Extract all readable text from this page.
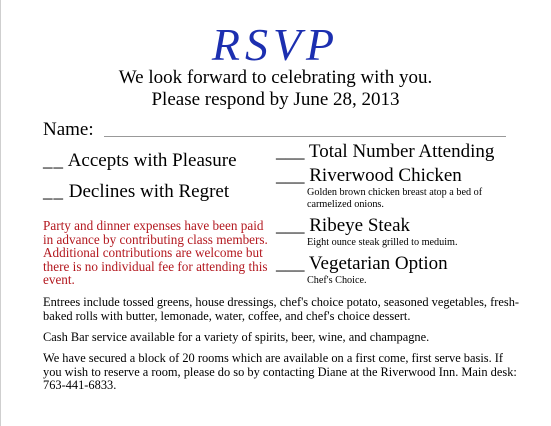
RSVP
We look forward to celebrating with you.
Please respond by June 28, 2013
Name:
__ Accepts with Pleasure
__ Declines with Regret
Party and dinner expenses have been paid in advance by contributing class members. Additional contributions are welcome but there is no individual fee for attending this event.
___ Total Number Attending
___ Riverwood Chicken
Golden brown chicken breast atop a bed of carmelized onions.
___ Ribeye Steak
Eight ounce steak grilled to meduim.
___ Vegetarian Option
Chef's Choice.
Entrees include tossed greens, house dressings, chef's choice potato, seasoned vegetables, fresh-baked rolls with butter, lemonade, water, coffee, and chef's choice dessert.
Cash Bar service available for a variety of spirits, beer, wine, and champagne.
We have secured a block of 20 rooms which are available on a first come, first serve basis. If you wish to reserve a room, please do so by contacting Diane at the Riverwood Inn. Main desk: 763-441-6833.
